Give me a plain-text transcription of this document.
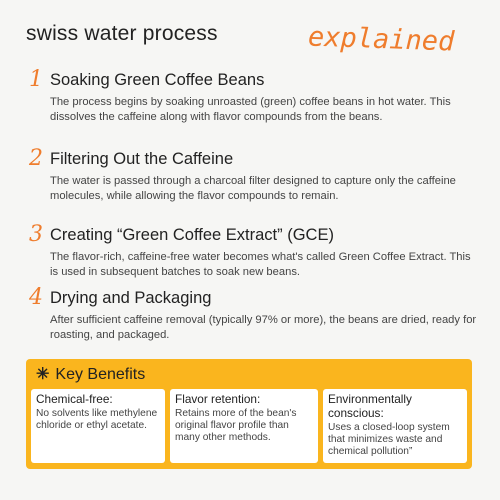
swiss water process	explained
1 Soaking Green Coffee Beans
The process begins by soaking unroasted (green) coffee beans in hot water. This dissolves the caffeine along with flavor compounds from the beans.
2 Filtering Out the Caffeine
The water is passed through a charcoal filter designed to capture only the caffeine molecules, while allowing the flavor compounds to remain.
3 Creating “Green Coffee Extract” (GCE)
The flavor-rich, caffeine-free water becomes what's called Green Coffee Extract. This is used in subsequent batches to soak new beans.
4 Drying and Packaging
After sufficient caffeine removal (typically 97% or more), the beans are dried, ready for roasting, and packaged.
✳ Key Benefits
Chemical-free:
No solvents like methylene chloride or ethyl acetate.
Flavor retention:
Retains more of the bean's original flavor profile than many other methods.
Environmentally conscious:
Uses a closed-loop system that minimizes waste and chemical pollution”
